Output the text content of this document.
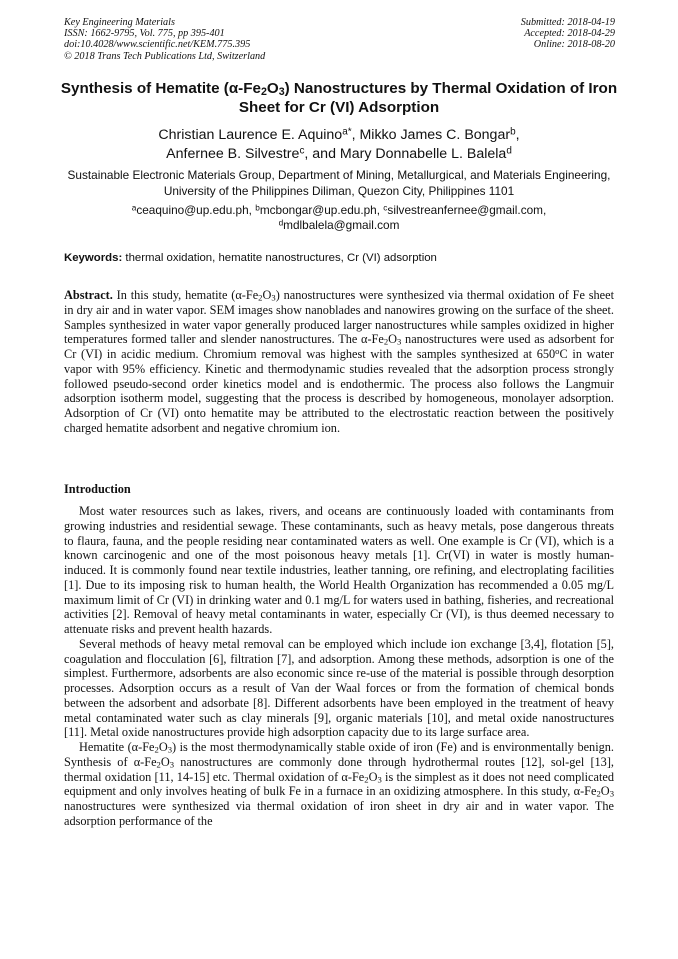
Key Engineering Materials
ISSN: 1662-9795, Vol. 775, pp 395-401
doi:10.4028/www.scientific.net/KEM.775.395
© 2018 Trans Tech Publications Ltd, Switzerland
Submitted: 2018-04-19
Accepted: 2018-04-29
Online: 2018-08-20
Synthesis of Hematite $(\alpha-Fe_2O_3)$ Nanostructures by Thermal Oxidation of Iron Sheet for Cr (VI) Adsorption
Christian Laurence E. Aquino$^{a*}$, Mikko James C. Bongar$^b$,
Anfernee B. Silvestre$^c$, and Mary Donnabelle L. Balela$^d$
Sustainable Electronic Materials Group, Department of Mining, Metallurgical, and Materials Engineering, University of the Philippines Diliman, Quezon City, Philippines 1101
$^a$ceaquino@up.edu.ph, $^b$mcbongar@up.edu.ph, $^c$silvestreanfernee@gmail.com,
$^d$mdlbalela@gmail.com
Keywords: thermal oxidation, hematite nanostructures, Cr (VI) adsorption
Abstract. In this study, hematite $(\alpha-Fe_2O_3)$ nanostructures were synthesized via thermal oxidation of Fe sheet in dry air and in water vapor. SEM images show nanoblades and nanowires growing on the surface of the sheet. Samples synthesized in water vapor generally produced larger nanostructures while samples oxidized in higher temperatures formed taller and slender nanostructures. The $\alpha-Fe_2O_3$ nanostructures were used as adsorbent for Cr (VI) in acidic medium. Chromium removal was highest with the samples synthesized at 650$^o$C in water vapor with 95% efficiency. Kinetic and thermodynamic studies revealed that the adsorption process strongly followed pseudo-second order kinetics model and is endothermic. The process also follows the Langmuir adsorption isotherm model, suggesting that the process is described by homogeneous, monolayer adsorption. Adsorption of Cr (VI) onto hematite may be attributed to the electrostatic reaction between the positively charged hematite adsorbent and negative chromium ion.
Introduction

Most water resources such as lakes, rivers, and oceans are continuously loaded with contaminants from growing industries and residential sewage. These contaminants, such as heavy metals, pose dangerous threats to flaura, fauna, and the people residing near contaminated waters as well. One example is Cr (VI), which is a known carcinogenic and one of the most poisonous heavy metals [1]. Cr(VI) in water is mostly human-induced. It is commonly found near textile industries, leather tanning, ore refining, and electroplating facilities [1]. Due to its imposing risk to human health, the World Health Organization has recommended a 0.05 mg/L maximum limit of Cr (VI) in drinking water and 0.1 mg/L for waters used in bathing, fisheries, and recreational activities [2]. Removal of heavy metal contaminants in water, especially Cr (VI), is thus deemed necessary to attenuate risks and prevent health hazards.

Several methods of heavy metal removal can be employed which include ion exchange [3,4], flotation [5], coagulation and flocculation [6], filtration [7], and adsorption. Among these methods, adsorption is one of the simplest. Furthermore, adsorbents are also economic since re-use of the material is possible through desorption processes. Adsorption occurs as a result of Van der Waal forces or from the formation of chemical bonds between the adsorbent and adsorbate [8]. Different adsorbents have been employed in the treatment of heavy metal contaminated water such as clay minerals [9], organic materials [10], and metal oxide nanostructures [11]. Metal oxide nanostructures provide high adsorption capacity due to its large surface area.

Hematite $(\alpha-Fe_2O_3)$ is the most thermodynamically stable oxide of iron (Fe) and is environmentally benign. Synthesis of $\alpha-Fe_2O_3$ nanostructures are commonly done through hydrothermal routes [12], sol-gel [13], thermal oxidation [11, 14-15] etc. Thermal oxidation of $\alpha-Fe_2O_3$ is the simplest as it does not need complicated equipment and only involves heating of bulk Fe in a furnace in an oxidizing atmosphere. In this study, $\alpha-Fe_2O_3$ nanostructures were synthesized via thermal oxidation of iron sheet in dry air and in water vapor. The adsorption performance of the
